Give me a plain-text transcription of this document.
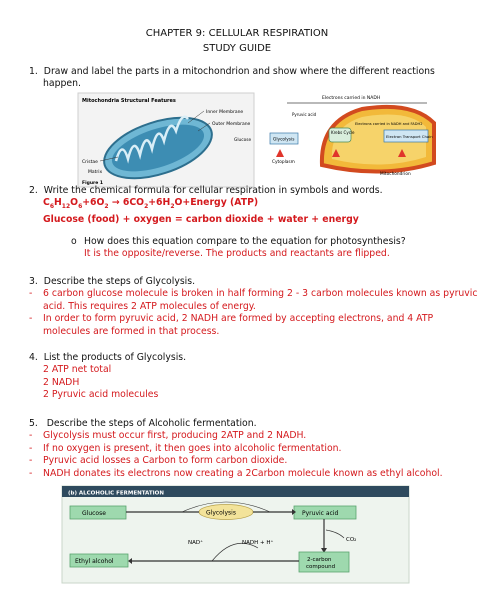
CHAPTER 9: CELLULAR RESPIRATION
STUDY GUIDE
1. Draw and label the parts in a mitochondrion and show where the different reactions
happen.
Mitochondria Structural Features
Inner Membrane
Outer Membrane
Cristae
Matrix
Figure 1
Electrons carried in NADH
Glycolysis
Glucose
Cytoplasm
Pyruvic acid
Krebs Cycle
Electron Transport Chain
Electrons carried in NADH and FADH2
Mitochondrion
2. Write the chemical formula for cellular respiration in symbols and words.
$C_6H_{12}O_6+6O_2$ → $6CO_2+6H_2O+Energy$ (ATP)
Glucose (food) + oxygen = carbon dioxide + water + energy
o How does this equation compare to the equation for photosynthesis?
It is the opposite/reverse. The products and reactants are flipped.
3. Describe the steps of Glycolysis.
- 6 carbon glucose molecule is broken in half forming 2 - 3 carbon molecules known as pyruvic
acid. This requires 2 ATP molecules of energy.
- In order to form pyruvic acid, 2 NADH are formed by accepting electrons, and 4 ATP
molecules are formed in that process.
4. List the products of Glycolysis.
2 ATP net total
2 NADH
2 Pyruvic acid molecules
5. Describe the steps of Alcoholic fermentation.
- Glycolysis must occur first, producing 2ATP and 2 NADH.
- If no oxygen is present, it then goes into alcoholic fermentation.
- Pyruvic acid losses a Carbon to form carbon dioxide.
- NADH donates its electrons now creating a 2Carbon molecule known as ethyl alcohol.
(b) ALCOHOLIC FERMENTATION
Glucose	Glycolysis	Pyruvic acid
CO₂
2-carbon
compound
Ethyl alcohol
NAD⁺	NADH + H⁺
